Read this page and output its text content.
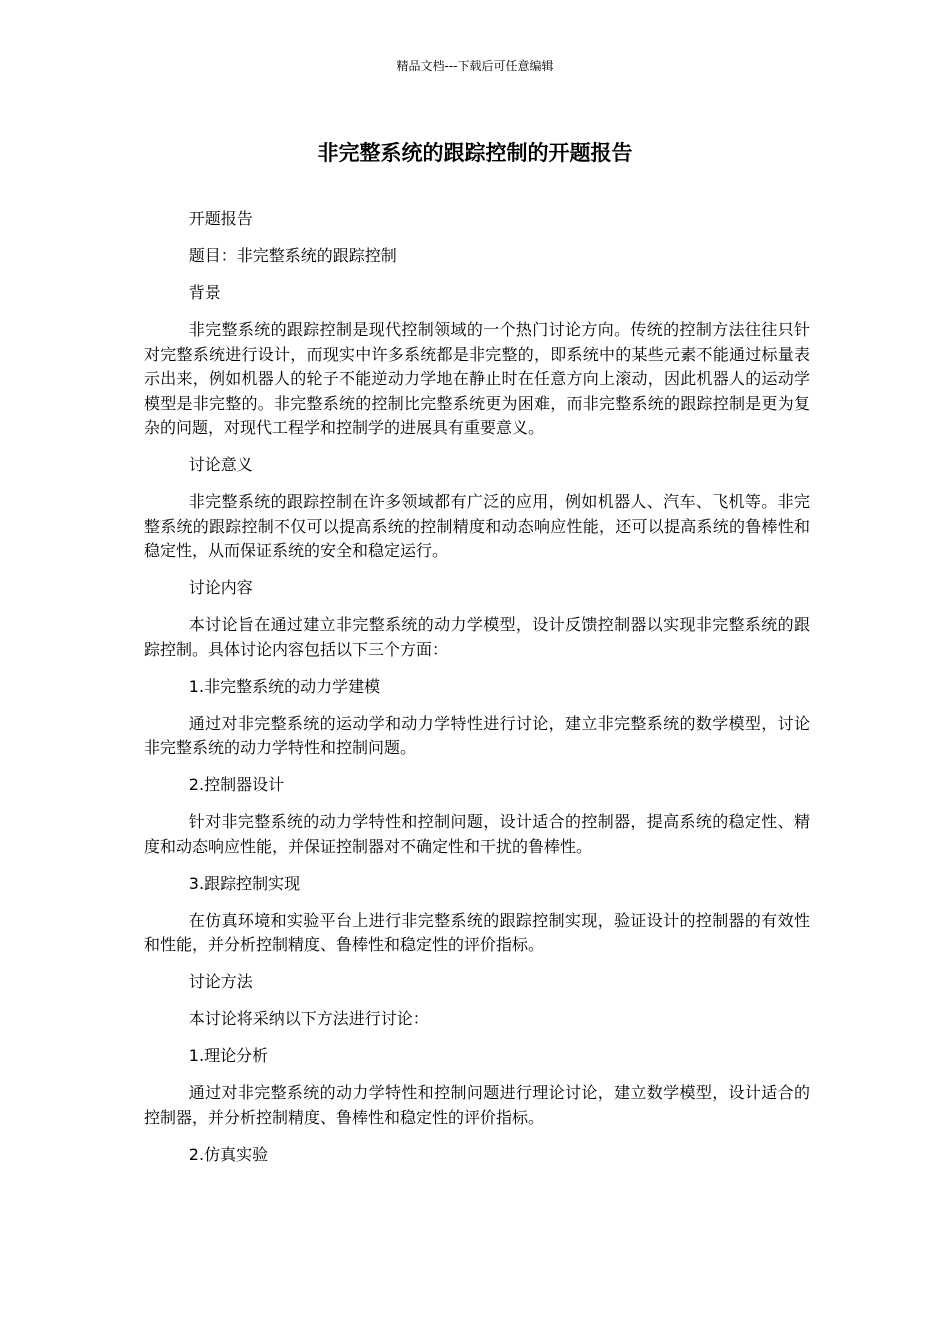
精品文档---下载后可任意编辑
非完整系统的跟踪控制的开题报告

开题报告

题目：非完整系统的跟踪控制

背景

非完整系统的跟踪控制是现代控制领域的一个热门讨论方向。传统的控制方法往往只针对完整系统进行设计，而现实中许多系统都是非完整的，即系统中的某些元素不能通过标量表示出来，例如机器人的轮子不能逆动力学地在静止时在任意方向上滚动，因此机器人的运动学模型是非完整的。非完整系统的控制比完整系统更为困难，而非完整系统的跟踪控制是更为复杂的问题，对现代工程学和控制学的进展具有重要意义。

讨论意义

非完整系统的跟踪控制在许多领域都有广泛的应用，例如机器人、汽车、飞机等。非完整系统的跟踪控制不仅可以提高系统的控制精度和动态响应性能，还可以提高系统的鲁棒性和稳定性，从而保证系统的安全和稳定运行。

讨论内容

本讨论旨在通过建立非完整系统的动力学模型，设计反馈控制器以实现非完整系统的跟踪控制。具体讨论内容包括以下三个方面：

1.非完整系统的动力学建模

通过对非完整系统的运动学和动力学特性进行讨论，建立非完整系统的数学模型，讨论非完整系统的动力学特性和控制问题。

2.控制器设计

针对非完整系统的动力学特性和控制问题，设计适合的控制器，提高系统的稳定性、精度和动态响应性能，并保证控制器对不确定性和干扰的鲁棒性。

3.跟踪控制实现

在仿真环境和实验平台上进行非完整系统的跟踪控制实现，验证设计的控制器的有效性和性能，并分析控制精度、鲁棒性和稳定性的评价指标。

讨论方法

本讨论将采纳以下方法进行讨论：

1.理论分析

通过对非完整系统的动力学特性和控制问题进行理论讨论，建立数学模型，设计适合的控制器，并分析控制精度、鲁棒性和稳定性的评价指标。

2.仿真实验
